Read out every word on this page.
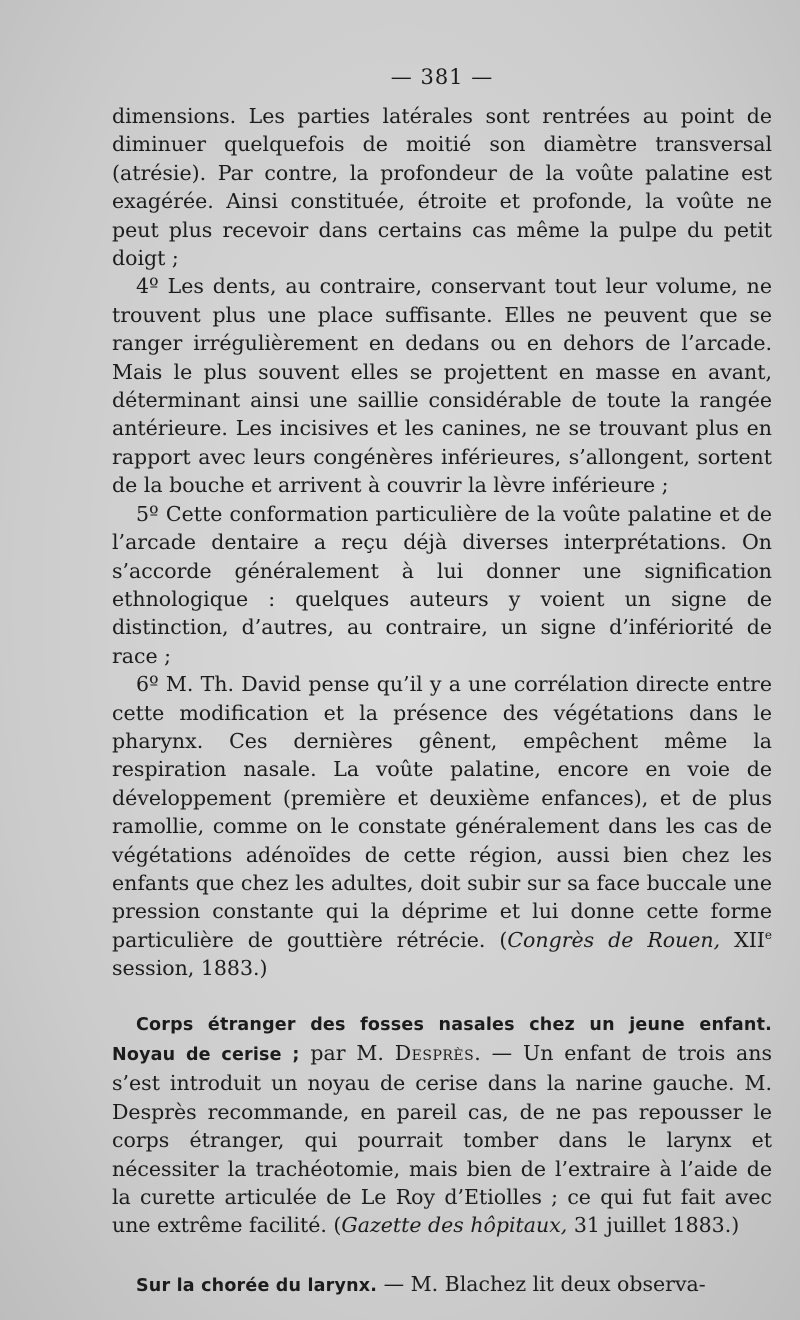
— 381 —

dimensions. Les parties latérales sont rentrées au point de diminuer quelquefois de moitié son diamètre transversal (atrésie). Par contre, la profondeur de la voûte palatine est exagérée. Ainsi constituée, étroite et profonde, la voûte ne peut plus recevoir dans certains cas même la pulpe du petit doigt ;

4º Les dents, au contraire, conservant tout leur volume, ne trouvent plus une place suffisante. Elles ne peuvent que se ranger irrégulièrement en dedans ou en dehors de l’arcade. Mais le plus souvent elles se projettent en masse en avant, déterminant ainsi une saillie considérable de toute la rangée antérieure. Les incisives et les canines, ne se trouvant plus en rapport avec leurs congénères inférieures, s’allongent, sortent de la bouche et arrivent à couvrir la lèvre inférieure ;

5º Cette conformation particulière de la voûte palatine et de l’arcade dentaire a reçu déjà diverses interprétations. On s’accorde généralement à lui donner une signification ethnologique : quelques auteurs y voient un signe de distinction, d’autres, au contraire, un signe d’infériorité de race ;

6º M. Th. David pense qu’il y a une corrélation directe entre cette modification et la présence des végétations dans le pharynx. Ces dernières gênent, empêchent même la respiration nasale. La voûte palatine, encore en voie de développement (première et deuxième enfances), et de plus ramollie, comme on le constate généralement dans les cas de végétations adénoïdes de cette région, aussi bien chez les enfants que chez les adultes, doit subir sur sa face buccale une pression constante qui la déprime et lui donne cette forme particulière de gouttière rétrécie. (Congrès de Rouen, XIIe session, 1883.)

Corps étranger des fosses nasales chez un jeune enfant. Noyau de cerise ; par M. Desprès. — Un enfant de trois ans s’est introduit un noyau de cerise dans la narine gauche. M. Desprès recommande, en pareil cas, de ne pas repousser le corps étranger, qui pourrait tomber dans le larynx et nécessiter la trachéotomie, mais bien de l’extraire à l’aide de la curette articulée de Le Roy d’Etiolles ; ce qui fut fait avec une extrême facilité. (Gazette des hôpitaux, 31 juillet 1883.)

Sur la chorée du larynx. — M. Blachez lit deux observa-
